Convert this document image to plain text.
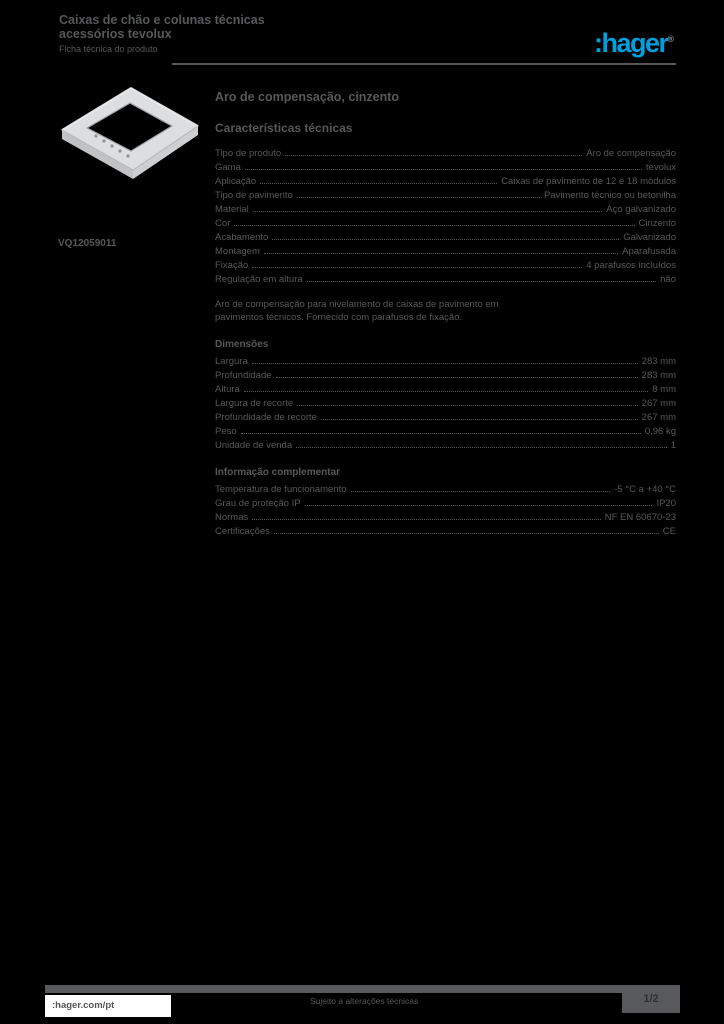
Caixas de chão e colunas técnicas
acessórios tevolux
Ficha técnica do produto	:hager®
VQ12059011
Aro de compensação, cinzento
Características técnicas
Tipo de produto	Aro de compensação
Gama	tevolux
Aplicação	Caixas de pavimento de 12 e 18 módulos
Tipo de pavimento	Pavimento técnico ou betonilha
Material	Aço galvanizado
Cor	Cinzento
Acabamento	Galvanizado
Montagem	Aparafusada
Fixação	4 parafusos incluídos
Regulação em altura	não
Aro de compensação para nivelamento de caixas de pavimento em
pavimentos técnicos. Fornecido com parafusos de fixação.
Dimensões
Largura	283 mm
Profundidade	283 mm
Altura	8 mm
Largura de recorte	267 mm
Profundidade de recorte	267 mm
Peso	0,96 kg
Unidade de venda	1
Informação complementar
Temperatura de funcionamento	-5 °C a +40 °C
Grau de proteção IP	IP20
Normas	NF EN 60670-23
Certificações	CE
:hager.com/pt	Sujeito a alterações técnicas	1/2
